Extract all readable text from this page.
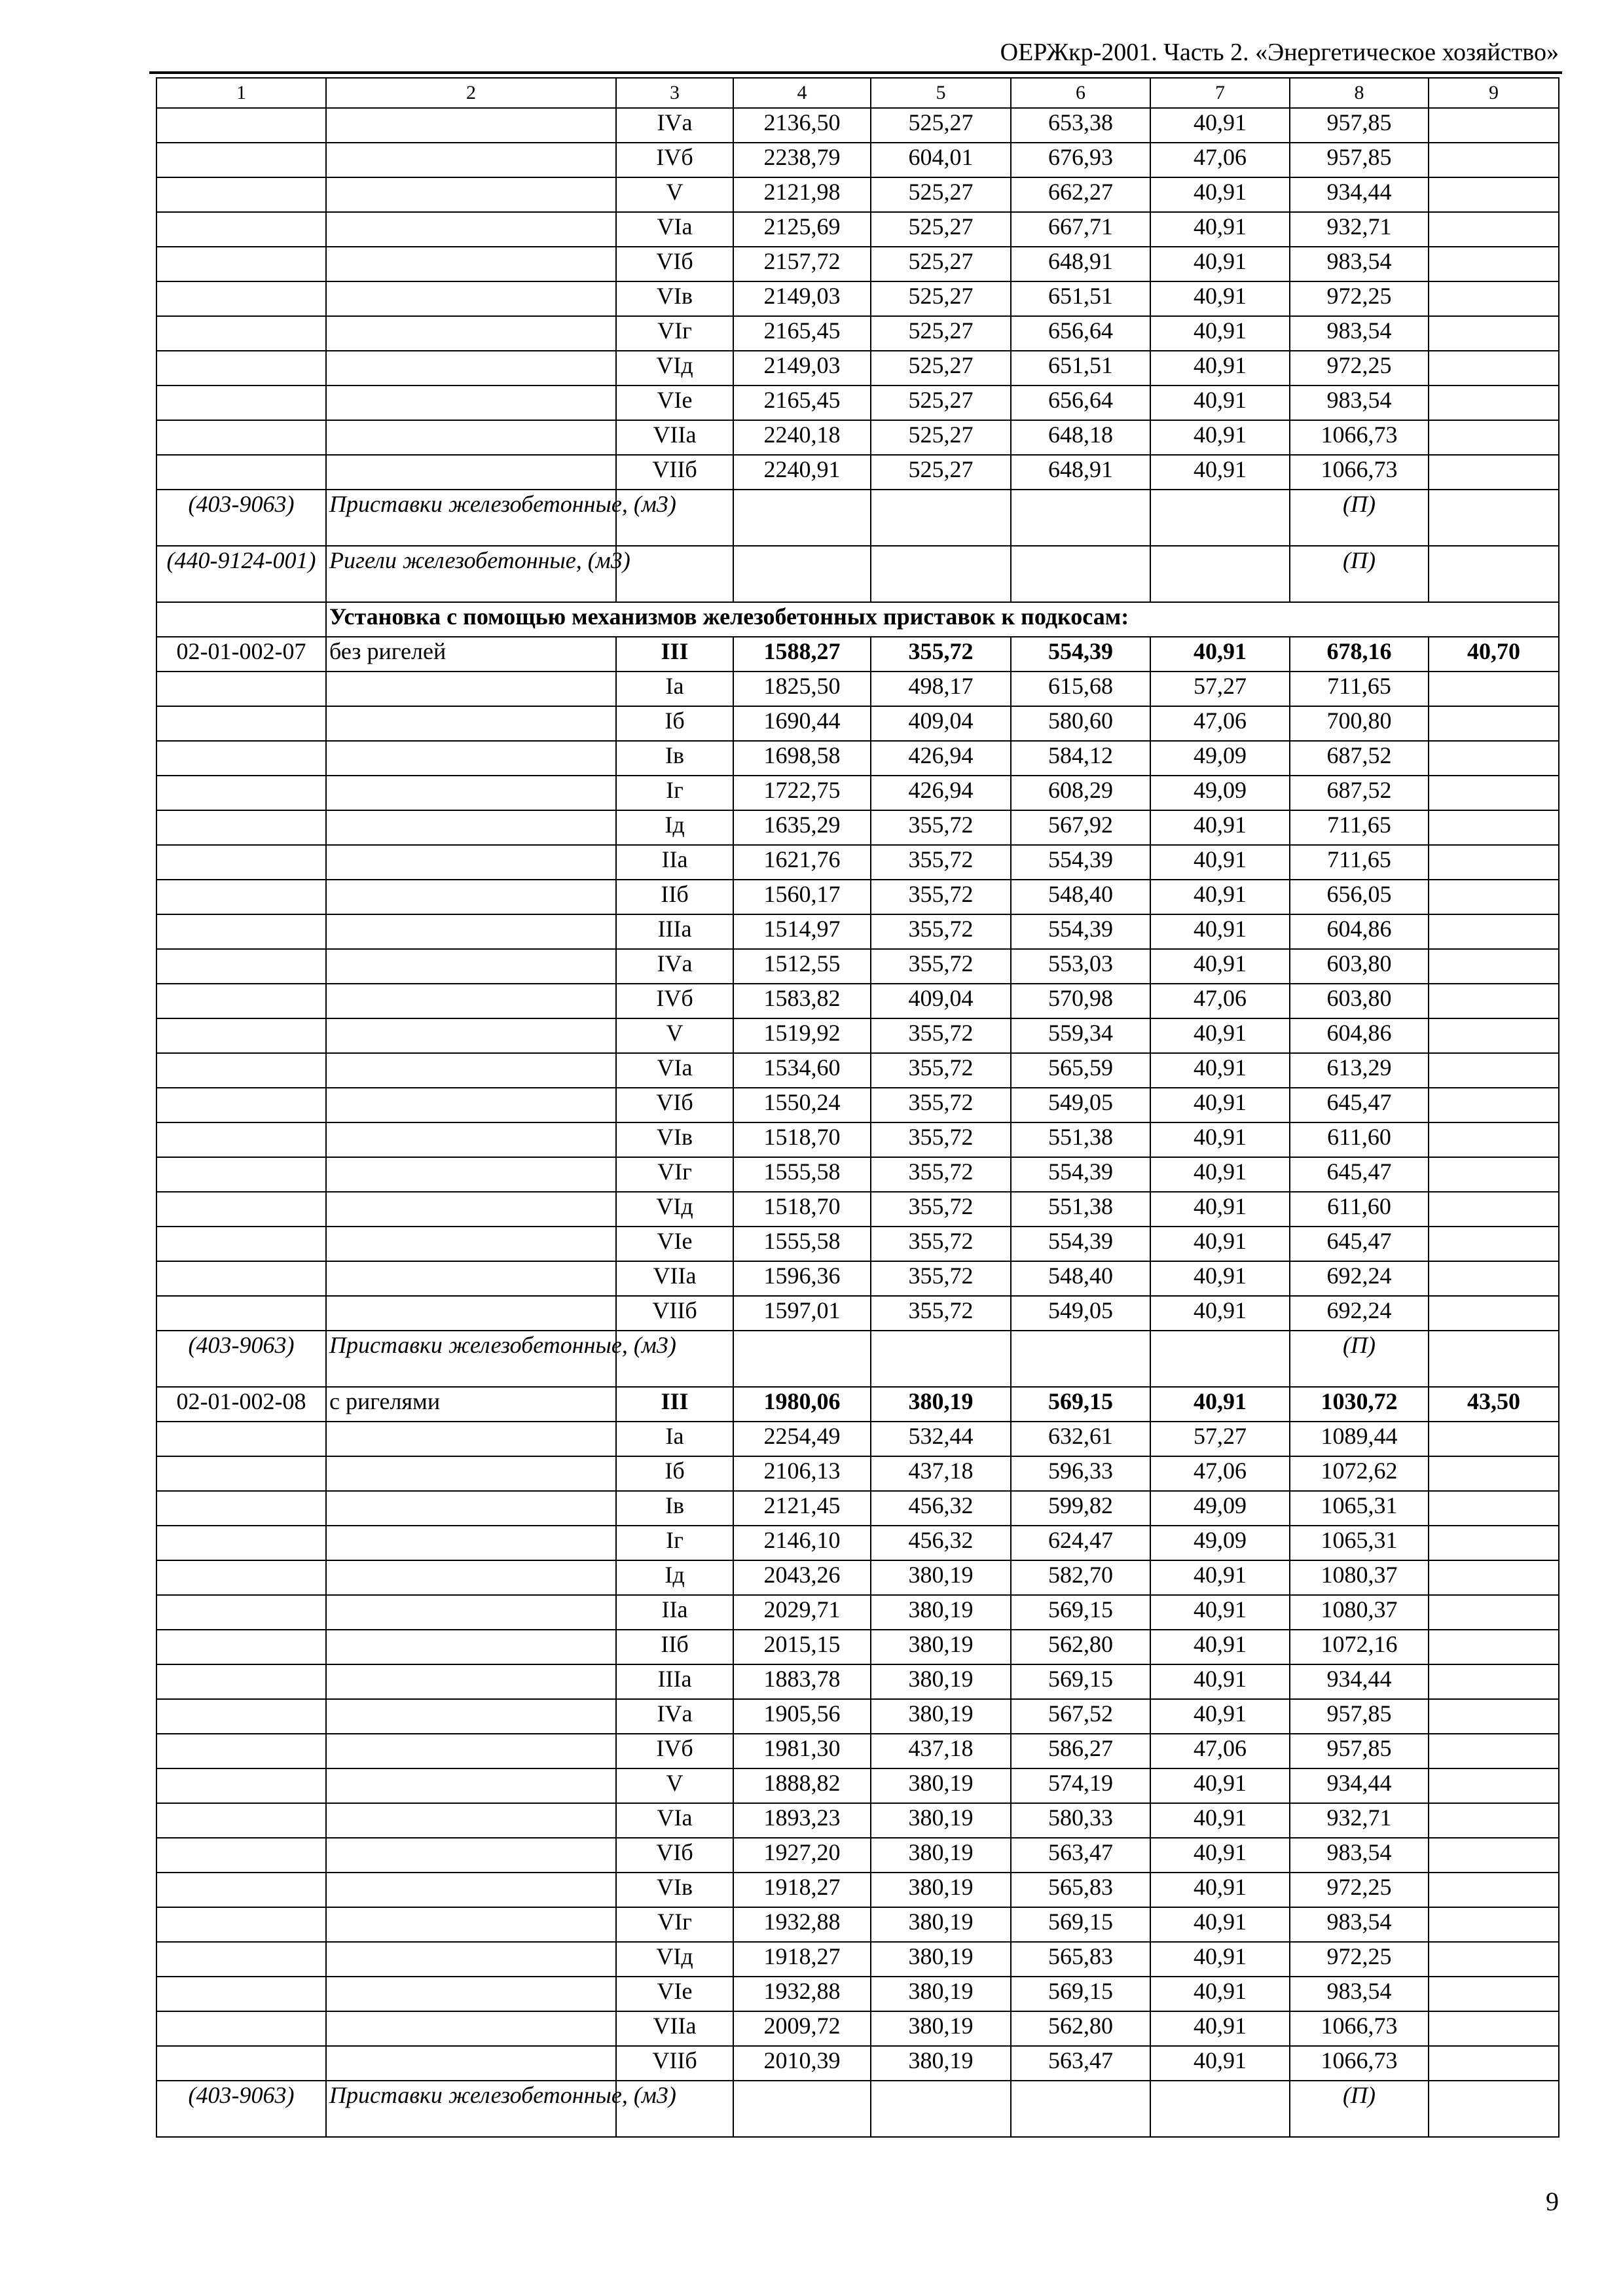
ОЕРЖкр-2001. Часть 2. «Энергетическое хозяйство»
1	2	3	4	5	6	7	8	9
		IVа	2136,50	525,27	653,38	40,91	957,85	
		IVб	2238,79	604,01	676,93	47,06	957,85	
		V	2121,98	525,27	662,27	40,91	934,44	
		VIа	2125,69	525,27	667,71	40,91	932,71	
		VIб	2157,72	525,27	648,91	40,91	983,54	
		VIв	2149,03	525,27	651,51	40,91	972,25	
		VIг	2165,45	525,27	656,64	40,91	983,54	
		VIд	2149,03	525,27	651,51	40,91	972,25	
		VIе	2165,45	525,27	656,64	40,91	983,54	
		VIIа	2240,18	525,27	648,18	40,91	1066,73	
		VIIб	2240,91	525,27	648,91	40,91	1066,73	
(403-9063)	Приставки железобетонные, (м3)						(П)	
(440-9124-001)	Ригели железобетонные, (м3)						(П)	
	Установка с помощью механизмов железобетонных приставок к подкосам:							
02-01-002-07	без ригелей	III	1588,27	355,72	554,39	40,91	678,16	40,70
		Iа	1825,50	498,17	615,68	57,27	711,65	
		Iб	1690,44	409,04	580,60	47,06	700,80	
		Iв	1698,58	426,94	584,12	49,09	687,52	
		Iг	1722,75	426,94	608,29	49,09	687,52	
		Iд	1635,29	355,72	567,92	40,91	711,65	
		IIа	1621,76	355,72	554,39	40,91	711,65	
		IIб	1560,17	355,72	548,40	40,91	656,05	
		IIIа	1514,97	355,72	554,39	40,91	604,86	
		IVа	1512,55	355,72	553,03	40,91	603,80	
		IVб	1583,82	409,04	570,98	47,06	603,80	
		V	1519,92	355,72	559,34	40,91	604,86	
		VIа	1534,60	355,72	565,59	40,91	613,29	
		VIб	1550,24	355,72	549,05	40,91	645,47	
		VIв	1518,70	355,72	551,38	40,91	611,60	
		VIг	1555,58	355,72	554,39	40,91	645,47	
		VIд	1518,70	355,72	551,38	40,91	611,60	
		VIе	1555,58	355,72	554,39	40,91	645,47	
		VIIа	1596,36	355,72	548,40	40,91	692,24	
		VIIб	1597,01	355,72	549,05	40,91	692,24	
(403-9063)	Приставки железобетонные, (м3)						(П)	
02-01-002-08	с ригелями	III	1980,06	380,19	569,15	40,91	1030,72	43,50
		Iа	2254,49	532,44	632,61	57,27	1089,44	
		Iб	2106,13	437,18	596,33	47,06	1072,62	
		Iв	2121,45	456,32	599,82	49,09	1065,31	
		Iг	2146,10	456,32	624,47	49,09	1065,31	
		Iд	2043,26	380,19	582,70	40,91	1080,37	
		IIа	2029,71	380,19	569,15	40,91	1080,37	
		IIб	2015,15	380,19	562,80	40,91	1072,16	
		IIIа	1883,78	380,19	569,15	40,91	934,44	
		IVа	1905,56	380,19	567,52	40,91	957,85	
		IVб	1981,30	437,18	586,27	47,06	957,85	
		V	1888,82	380,19	574,19	40,91	934,44	
		VIа	1893,23	380,19	580,33	40,91	932,71	
		VIб	1927,20	380,19	563,47	40,91	983,54	
		VIв	1918,27	380,19	565,83	40,91	972,25	
		VIг	1932,88	380,19	569,15	40,91	983,54	
		VIд	1918,27	380,19	565,83	40,91	972,25	
		VIе	1932,88	380,19	569,15	40,91	983,54	
		VIIа	2009,72	380,19	562,80	40,91	1066,73	
		VIIб	2010,39	380,19	563,47	40,91	1066,73	
(403-9063)	Приставки железобетонные, (м3)						(П)	
9
